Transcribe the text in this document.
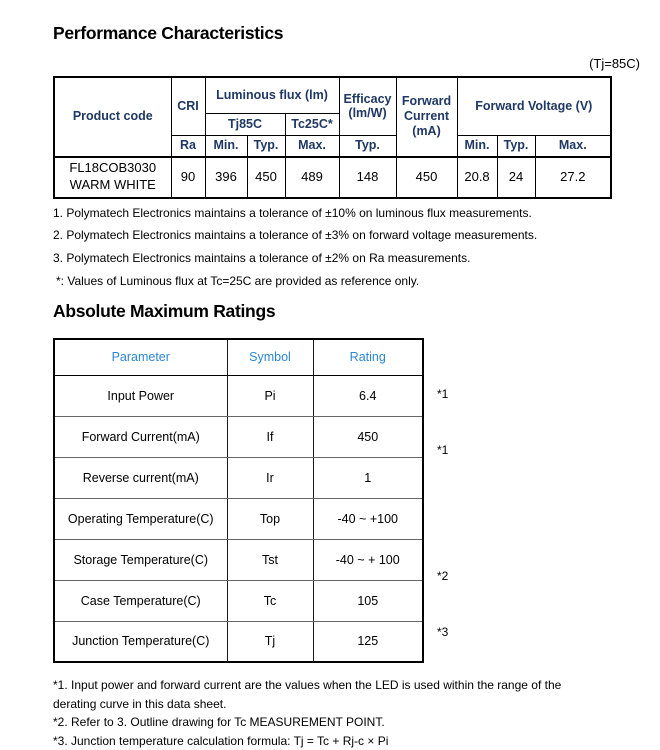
Performance Characteristics
(Tj=85C)
Product code	CRI	Luminous flux (lm)			Efficacy (lm/W)	Forward Current (mA)	Forward Voltage (V)		
		Tj85C		Tc25C*					
	Ra	Min.	Typ.	Max.	Typ.		Min.	Typ.	Max.

FL18COB3030
WARM WHITE	90	396	450	489	148	450	20.8	24	27.2

1. Polymatech Electronics maintains a tolerance of ±10% on luminous flux measurements.

2. Polymatech Electronics maintains a tolerance of ±3% on forward voltage measurements.

3. Polymatech Electronics maintains a tolerance of ±2% on Ra measurements.

*: Values of Luminous flux at Tc=25C are provided as reference only.

Absolute Maximum Ratings
Parameter	Symbol	Rating
Input Power	Pi	6.4
Forward Current(mA)	If	450
Reverse current(mA)	Ir	1
Operating Temperature(C)	Top	-40 ~ +100
Storage Temperature(C)	Tst	-40 ~ + 100
Case Temperature(C)	Tc	105
Junction Temperature(C)	Tj	125
*1
*1
*2
*3

*1. Input power and forward current are the values when the LED is used within the range of the derating curve in this data sheet.

*2. Refer to 3. Outline drawing for Tc MEASUREMENT POINT.

*3. Junction temperature calculation formula: Tj = Tc + Rj-c × Pi
